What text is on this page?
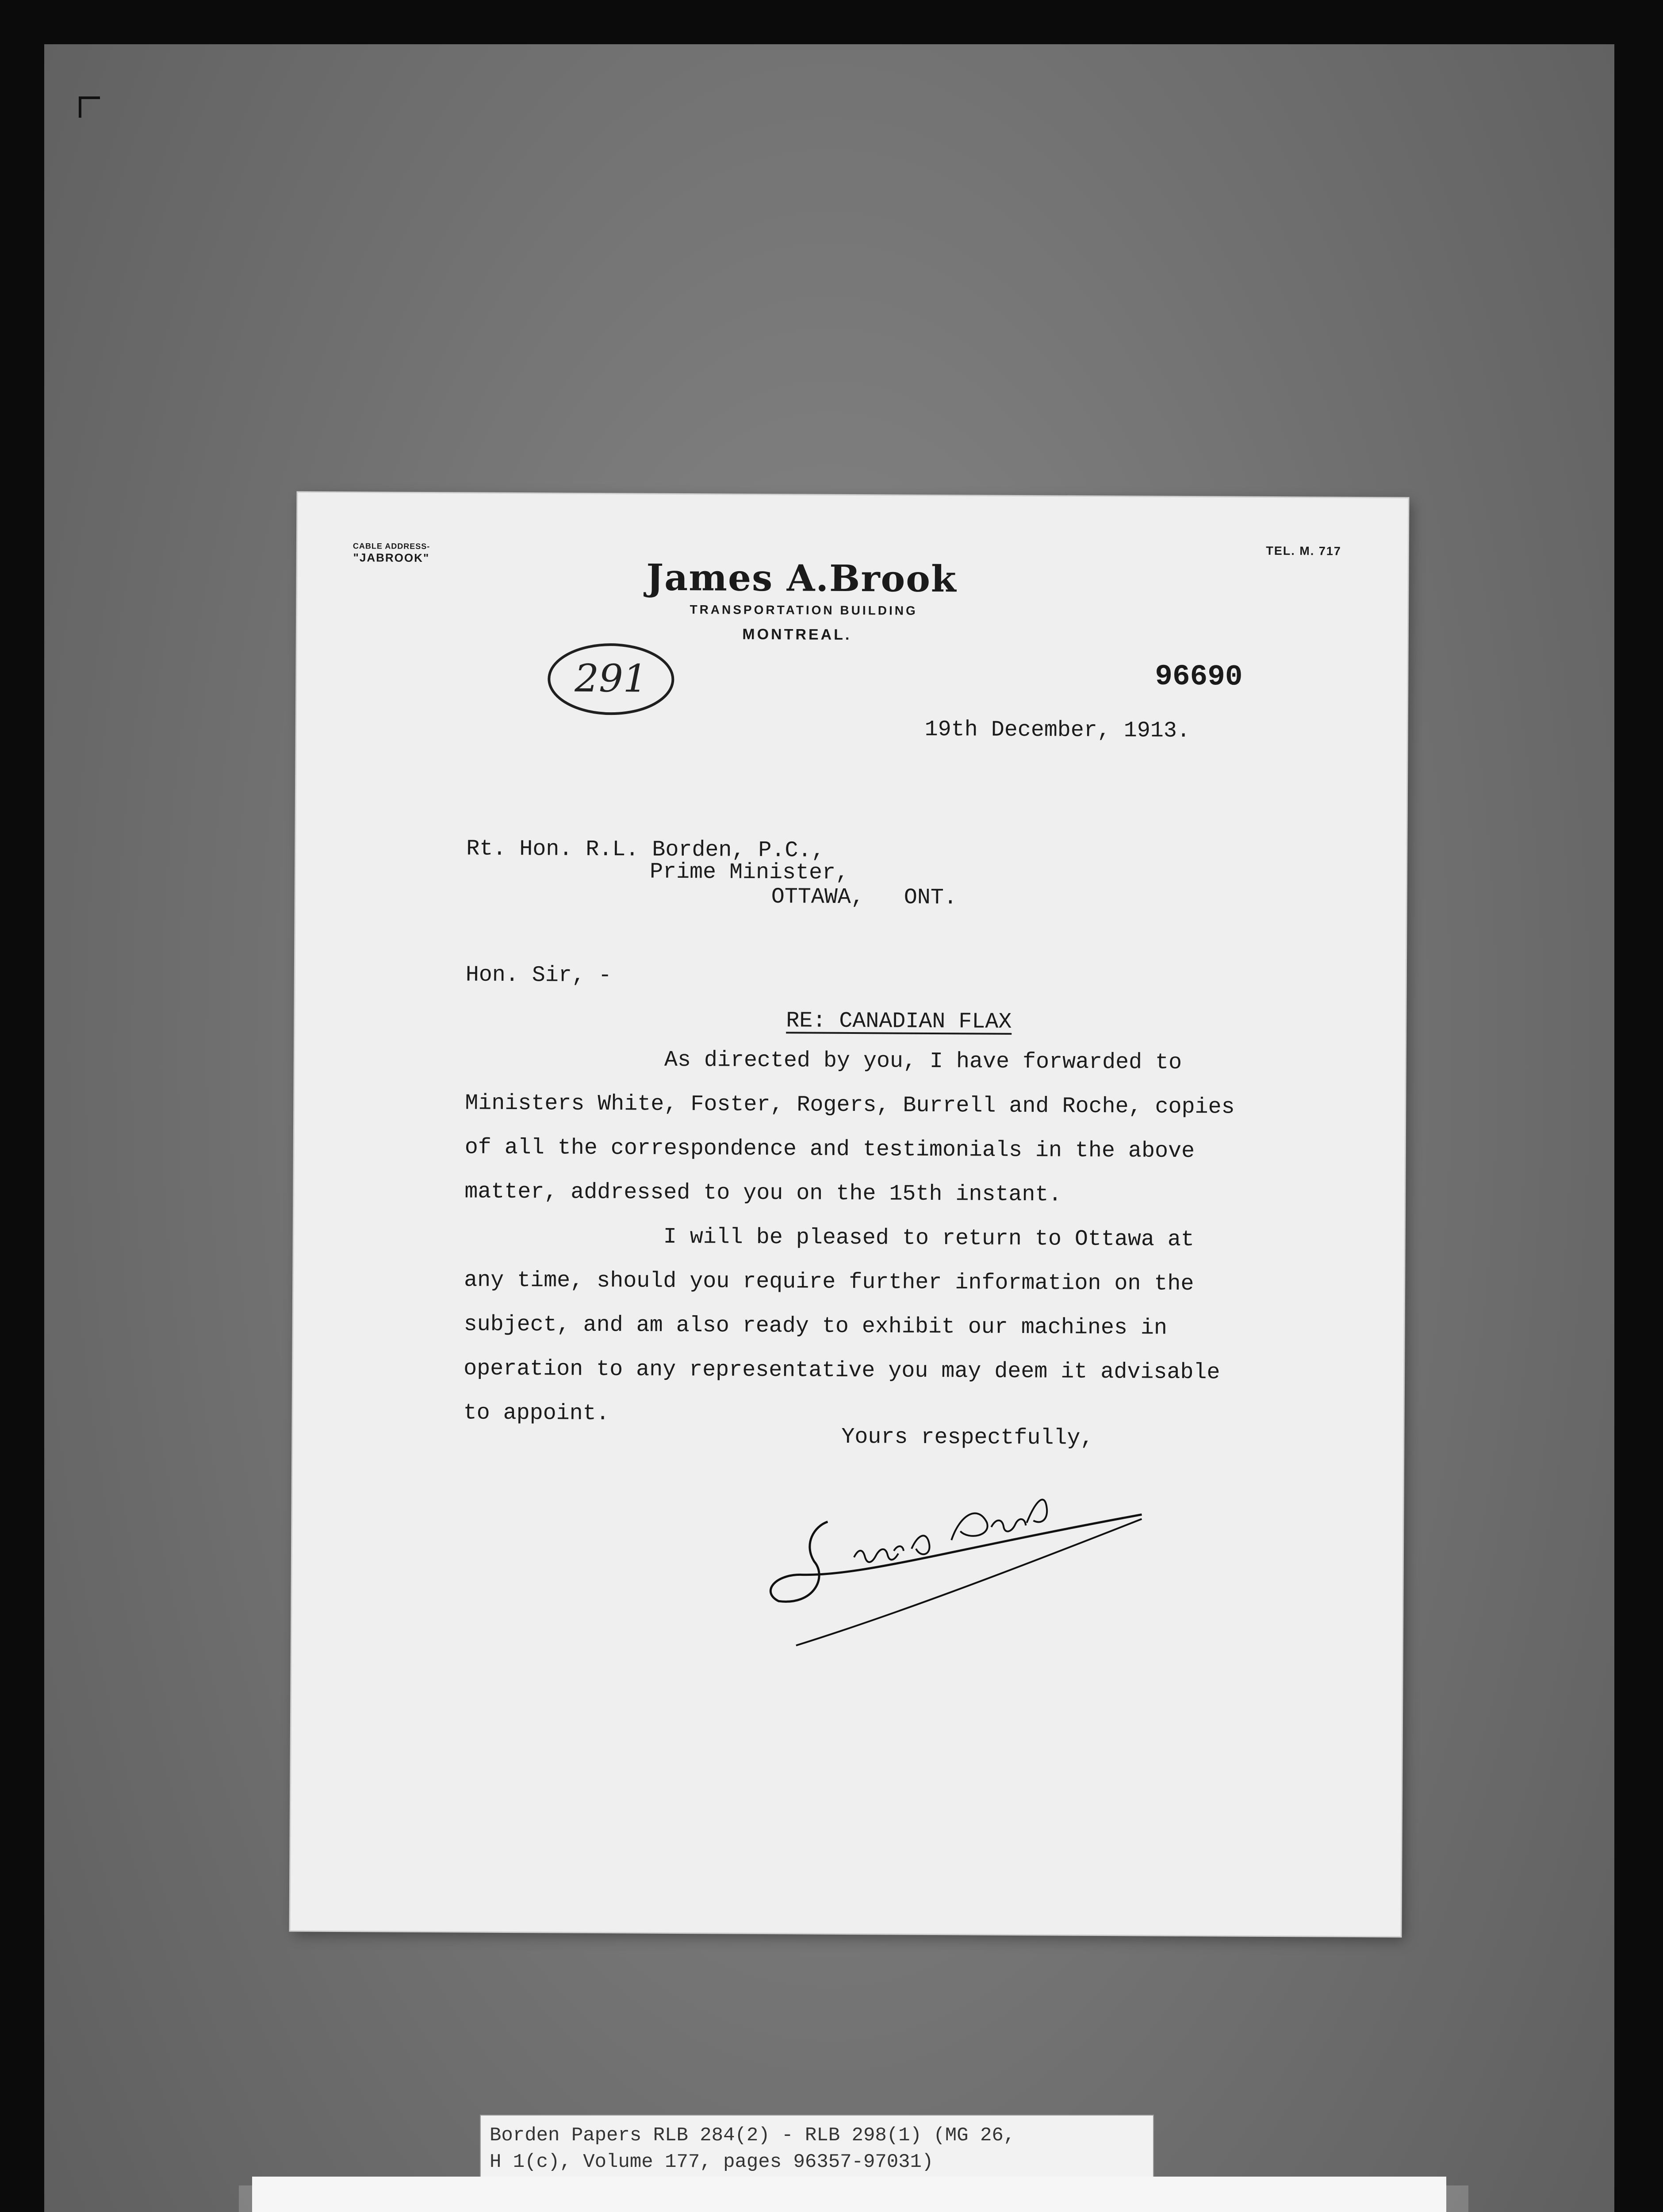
CABLE ADDRESS-
"JABROOK"	TEL. M. 717
James A.Brook
TRANSPORTATION BUILDING
MONTREAL.
291	96690
19th December, 1913.
Rt. Hon. R.L. Borden, P.C.,
Prime Minister,
OTTAWA,   ONT.
Hon. Sir, -
RE: CANADIAN FLAX
As directed by you, I have forwarded to
Ministers White, Foster, Rogers, Burrell and Roche, copies
of all the correspondence and testimonials in the above
matter, addressed to you on the 15th instant.
I will be pleased to return to Ottawa at
any time, should you require further information on the
subject, and am also ready to exhibit our machines in
operation to any representative you may deem it advisable
to appoint.
Yours respectfully,
Borden Papers RLB 284(2) - RLB 298(1) (MG 26,
H 1(c), Volume 177, pages 96357-97031)
